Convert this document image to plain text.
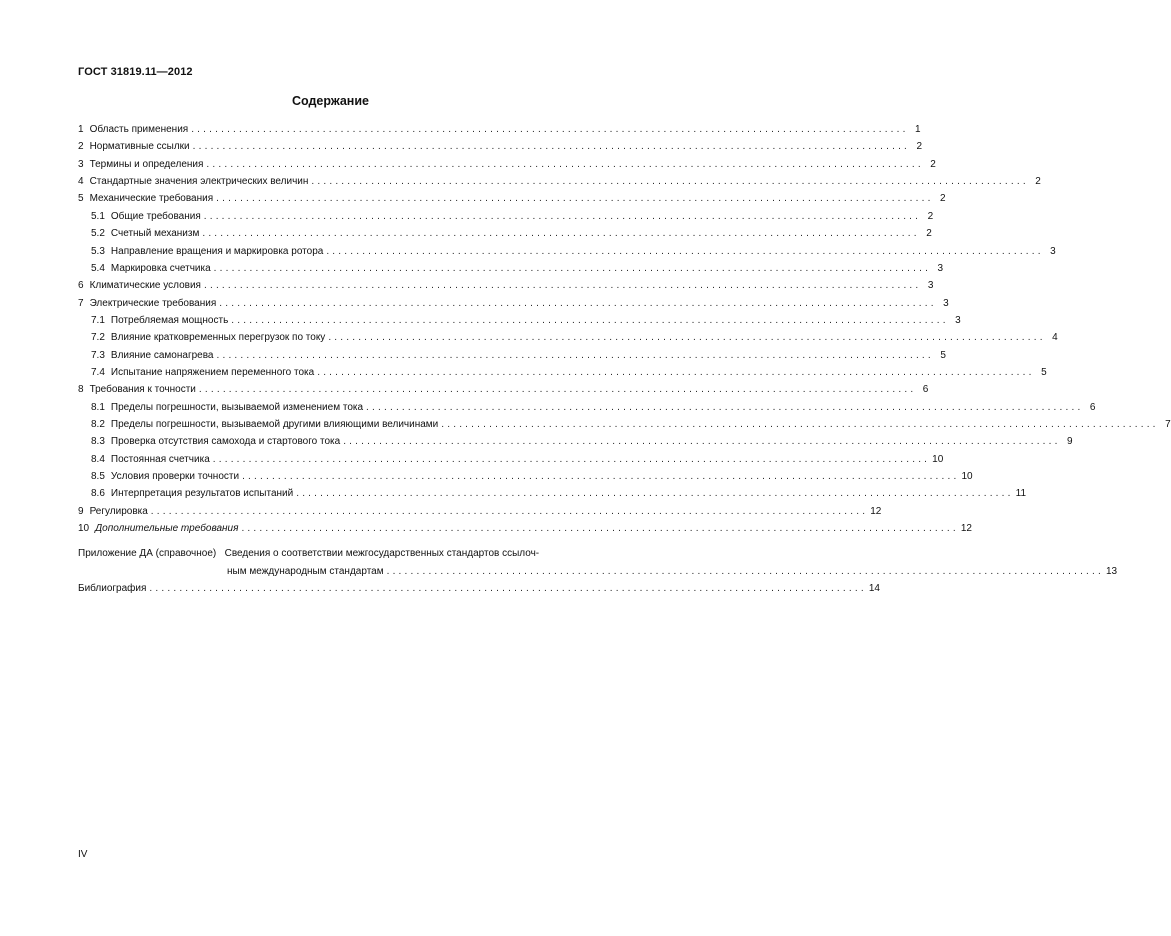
ГОСТ 31819.11—2012
Содержание
1 Область применения ........................................................................................................................ 1
2 Нормативные ссылки ........................................................................................................................ 2
3 Термины и определения ........................................................................................................................ 2
4 Стандартные значения электрических величин ........................................................................................................................ 2
5 Механические требования ........................................................................................................................ 2
5.1 Общие требования ........................................................................................................................ 2
5.2 Счетный механизм ........................................................................................................................ 2
5.3 Направление вращения и маркировка ротора ........................................................................................................................ 3
5.4 Маркировка счетчика ........................................................................................................................ 3
6 Климатические условия ........................................................................................................................ 3
7 Электрические требования ........................................................................................................................ 3
7.1 Потребляемая мощность ........................................................................................................................ 3
7.2 Влияние кратковременных перегрузок по току ........................................................................................................................ 4
7.3 Влияние самонагрева ........................................................................................................................ 5
7.4 Испытание напряжением переменного тока ........................................................................................................................ 5
8 Требования к точности ........................................................................................................................ 6
8.1 Пределы погрешности, вызываемой изменением тока ........................................................................................................................ 6
8.2 Пределы погрешности, вызываемой другими влияющими величинами ........................................................................................................................ 7
8.3 Проверка отсутствия самохода и стартового тока ........................................................................................................................ 9
8.4 Постоянная счетчика ........................................................................................................................ 10
8.5 Условия проверки точности ........................................................................................................................ 10
8.6 Интерпретация результатов испытаний ........................................................................................................................ 11
9 Регулировка ........................................................................................................................ 12
10 Дополнительные требования ........................................................................................................................ 12
Приложение ДА (справочное) Сведения о соответствии межгосударственных стандартов ссылоч-
ным международным стандартам ........................................................................................................................ 13
Библиография ........................................................................................................................ 14
IV
